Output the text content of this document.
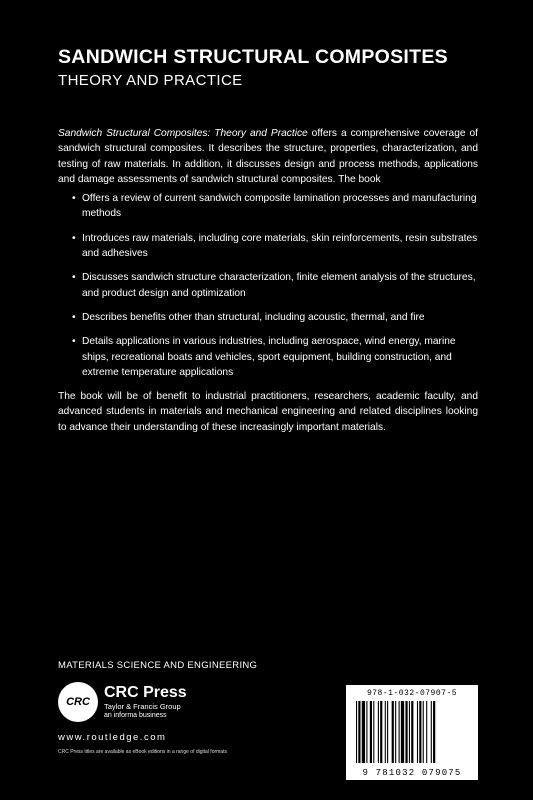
SANDWICH STRUCTURAL COMPOSITES
THEORY AND PRACTICE

Sandwich Structural Composites: Theory and Practice offers a comprehensive coverage of sandwich structural composites. It describes the structure, properties, characterization, and testing of raw materials. In addition, it discusses design and process methods, applications and damage assessments of sandwich structural composites. The book

• Offers a review of current sandwich composite lamination processes and manufacturing methods
• Introduces raw materials, including core materials, skin reinforcements, resin substrates and adhesives
• Discusses sandwich structure characterization, finite element analysis of the structures, and product design and optimization
• Describes benefits other than structural, including acoustic, thermal, and fire
• Details applications in various industries, including aerospace, wind energy, marine ships, recreational boats and vehicles, sport equipment, building construction, and extreme temperature applications

The book will be of benefit to industrial practitioners, researchers, academic faculty, and advanced students in materials and mechanical engineering and related disciplines looking to advance their understanding of these increasingly important materials.

MATERIALS SCIENCE AND ENGINEERING
CRC
CRC Press
Taylor & Francis Group
an informa business
www.routledge.com
CRC Press titles are available as eBook editions in a range of digital formats
978-1-032-07907-5
9 781032 079075
